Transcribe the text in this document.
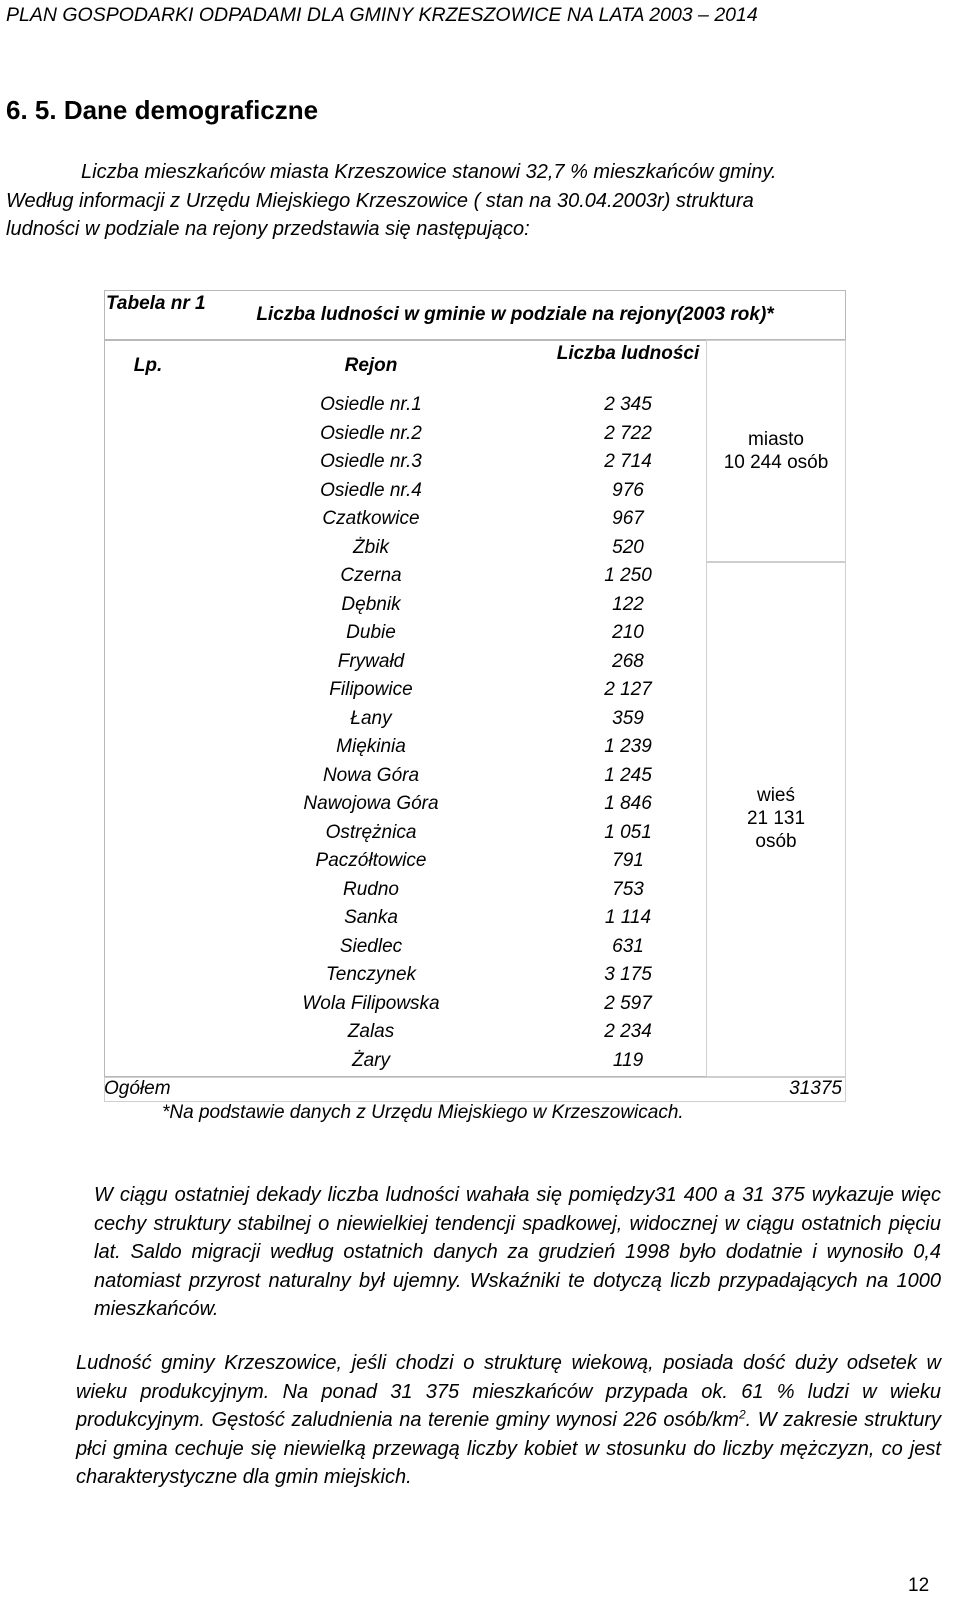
PLAN GOSPODARKI ODPADAMI DLA GMINY KRZESZOWICE NA LATA 2003 – 2014
6. 5. Dane demograficzne

Liczba mieszkańców miasta Krzeszowice stanowi 32,7 % mieszkańców gminy.

Według informacji z Urzędu Miejskiego Krzeszowice ( stan na 30.04.2003r) struktura

ludności w podziale na rejony przedstawia się następująco:

Tabela nr 1
Liczba ludności w gminie w podziale na rejony(2003 rok)*
Lp.	Rejon
Liczba ludności
Osiedle nr.1	2 345
Osiedle nr.2	2 722
Osiedle nr.3	2 714
Osiedle nr.4	976
Czatkowice	967
Żbik	520
Czerna	1 250
Dębnik	122
Dubie	210
Frywałd	268
Filipowice	2 127
Łany	359
Miękinia	1 239
Nowa Góra	1 245
Nawojowa Góra	1 846
Ostrężnica	1 051
Paczółtowice	791
Rudno	753
Sanka	1 114
Siedlec	631
Tenczynek	3 175
Wola Filipowska	2 597
Zalas	2 234
Żary	119
miasto
10 244 osób
wieś
21 131
osób
Ogółem	31375
*Na podstawie danych z Urzędu Miejskiego w Krzeszowicach.

W ciągu ostatniej dekady liczba ludności wahała się pomiędzy31 400 a 31 375 wykazuje więc cechy struktury stabilnej o niewielkiej tendencji spadkowej, widocznej w ciągu ostatnich pięciu lat. Saldo migracji według ostatnich danych za grudzień 1998 było dodatnie i wynosiło 0,4 natomiast przyrost naturalny był ujemny. Wskaźniki te dotyczą liczb przypadających na 1000 mieszkańców.

Ludność gminy Krzeszowice, jeśli chodzi o strukturę wiekową, posiada dość duży odsetek w wieku produkcyjnym. Na ponad 31 375 mieszkańców przypada ok. 61 % ludzi w wieku produkcyjnym. Gęstość zaludnienia na terenie gminy wynosi 226 osób/$km^2$. W zakresie struktury płci gmina cechuje się niewielką przewagą liczby kobiet w stosunku do liczby mężczyzn, co jest charakterystyczne dla gmin miejskich.

12
